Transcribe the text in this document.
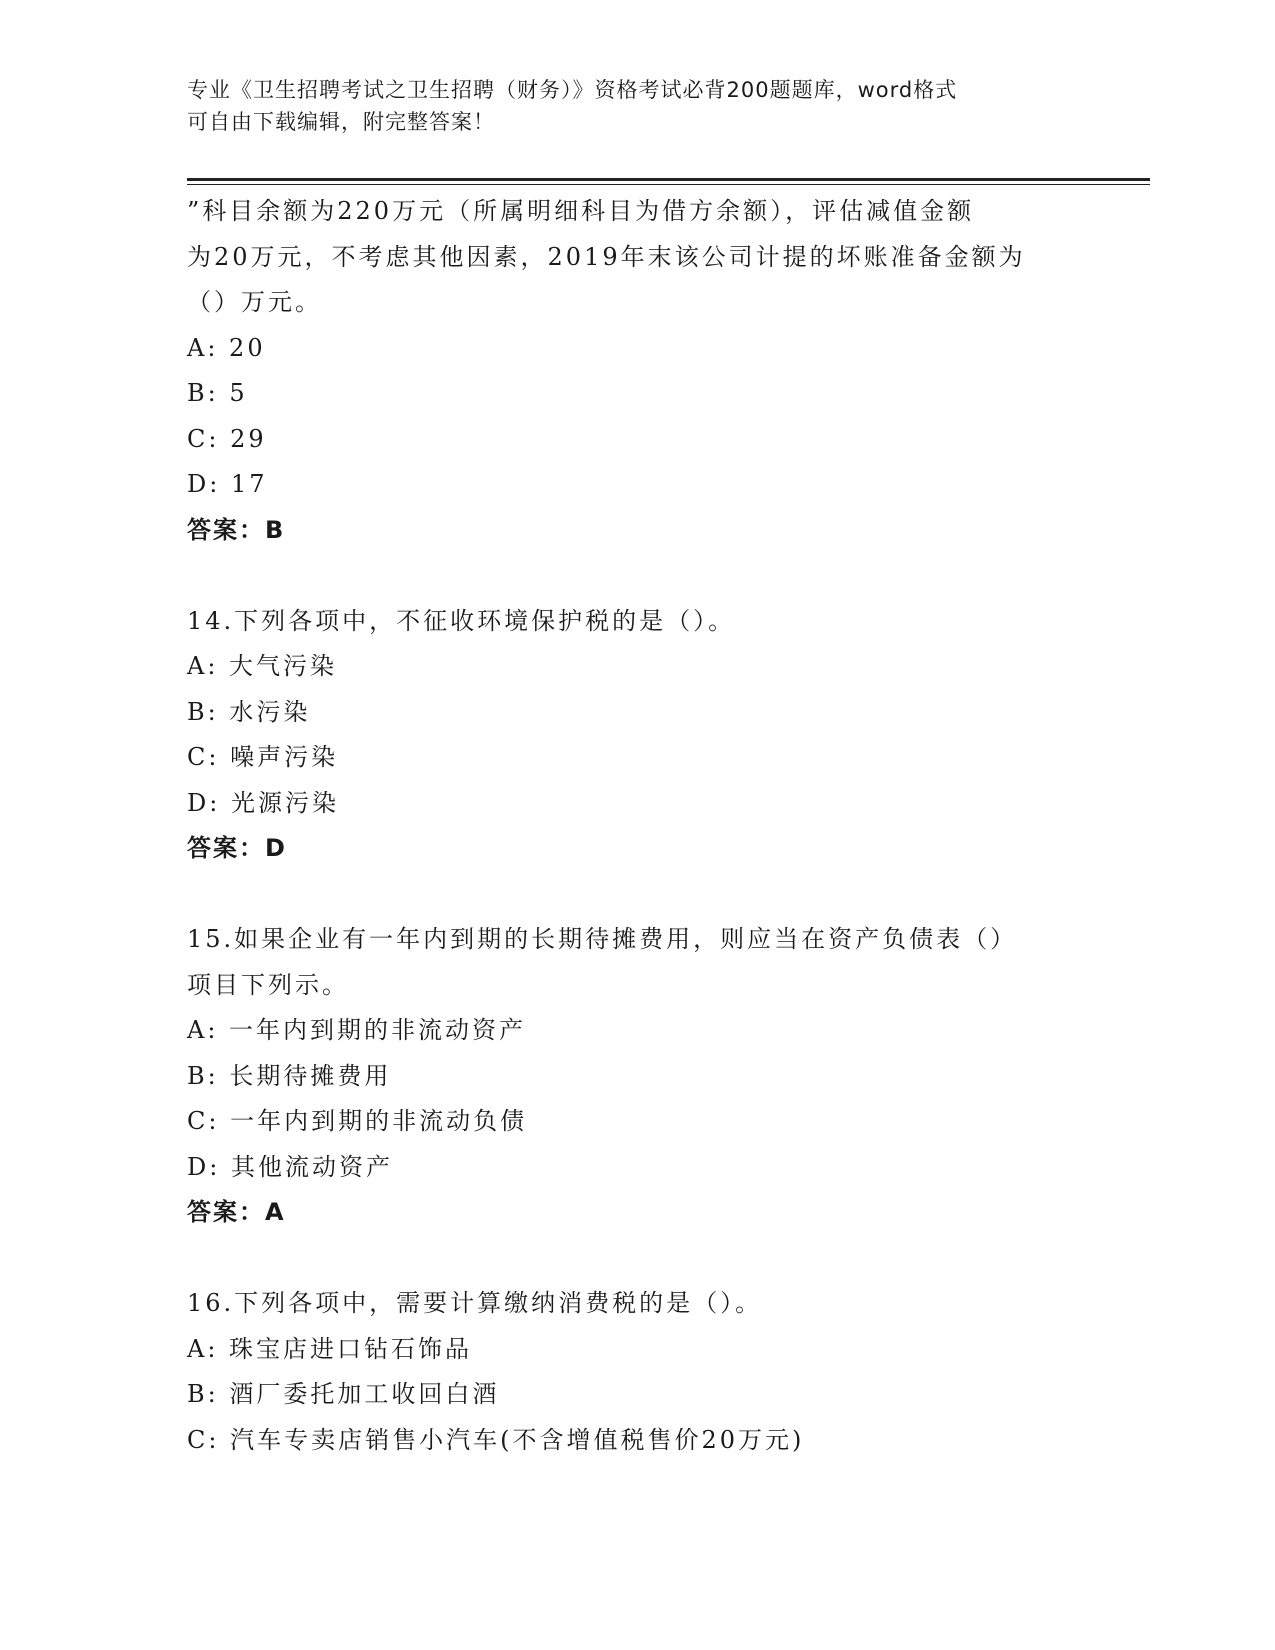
专业《卫生招聘考试之卫生招聘（财务）》资格考试必背200题题库，word格式
可自由下载编辑，附完整答案！
”科目余额为220万元（所属明细科目为借方余额），评估减值金额
为20万元，不考虑其他因素，2019年末该公司计提的坏账准备金额为
（）万元。
A: 20
B: 5
C: 29
D: 17
答案：B
14.下列各项中，不征收环境保护税的是（）。
A: 大气污染
B: 水污染
C: 噪声污染
D: 光源污染
答案：D
15.如果企业有一年内到期的长期待摊费用，则应当在资产负债表（）
项目下列示。
A: 一年内到期的非流动资产
B: 长期待摊费用
C: 一年内到期的非流动负债
D: 其他流动资产
答案：A
16.下列各项中，需要计算缴纳消费税的是（）。
A: 珠宝店进口钻石饰品
B: 酒厂委托加工收回白酒
C: 汽车专卖店销售小汽车(不含增值税售价20万元)
